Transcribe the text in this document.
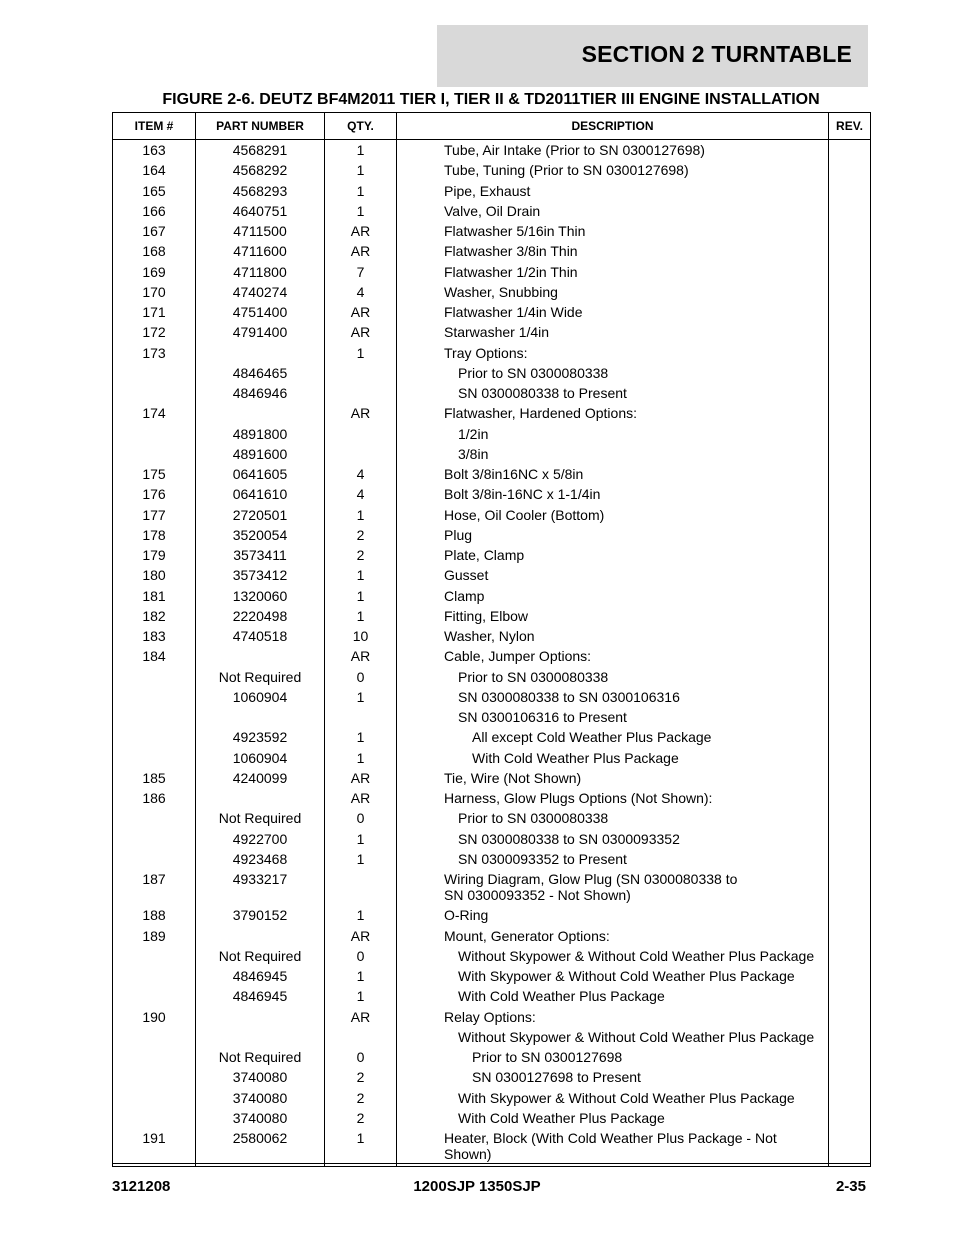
SECTION 2 TURNTABLE
FIGURE 2-6. DEUTZ BF4M2011 TIER I, TIER II & TD2011TIER III ENGINE INSTALLATION
ITEM #	PART NUMBER	QTY.	DESCRIPTION	REV.
163	4568291	1	Tube, Air Intake (Prior to SN 0300127698)	
164	4568292	1	Tube, Tuning (Prior to SN 0300127698)	
165	4568293	1	Pipe, Exhaust	
166	4640751	1	Valve, Oil Drain	
167	4711500	AR	Flatwasher 5/16in Thin	
168	4711600	AR	Flatwasher 3/8in Thin	
169	4711800	7	Flatwasher 1/2in Thin	
170	4740274	4	Washer, Snubbing	
171	4751400	AR	Flatwasher 1/4in Wide	
172	4791400	AR	Starwasher 1/4in	
173		1	Tray Options:	
	4846465		Prior to SN 0300080338	
	4846946		SN 0300080338 to Present	
174		AR	Flatwasher, Hardened Options:	
	4891800		1/2in	
	4891600		3/8in	
175	0641605	4	Bolt 3/8in16NC x 5/8in	
176	0641610	4	Bolt 3/8in-16NC x 1-1/4in	
177	2720501	1	Hose, Oil Cooler (Bottom)	
178	3520054	2	Plug	
179	3573411	2	Plate, Clamp	
180	3573412	1	Gusset	
181	1320060	1	Clamp	
182	2220498	1	Fitting, Elbow	
183	4740518	10	Washer, Nylon	
184		AR	Cable, Jumper Options:	
	Not Required	0	Prior to SN 0300080338	
	1060904	1	SN 0300080338 to SN 0300106316	
			SN 0300106316 to Present	
	4923592	1	All except Cold Weather Plus Package	
	1060904	1	With Cold Weather Plus Package	
185	4240099	AR	Tie, Wire (Not Shown)	
186		AR	Harness, Glow Plugs Options (Not Shown):	
	Not Required	0	Prior to SN 0300080338	
	4922700	1	SN 0300080338 to SN 0300093352	
	4923468	1	SN 0300093352 to Present	
187	4933217		Wiring Diagram, Glow Plug (SN 0300080338 to
SN 0300093352 - Not Shown)	
188	3790152	1	O-Ring	
189		AR	Mount, Generator Options:	
	Not Required	0	Without Skypower & Without Cold Weather Plus Package	
	4846945	1	With Skypower & Without Cold Weather Plus Package	
	4846945	1	With Cold Weather Plus Package	
190		AR	Relay Options:	
			Without Skypower & Without Cold Weather Plus Package	
	Not Required	0	Prior to SN 0300127698	
	3740080	2	SN 0300127698 to Present	
	3740080	2	With Skypower & Without Cold Weather Plus Package	
	3740080	2	With Cold Weather Plus Package	
191	2580062	1	Heater, Block (With Cold Weather Plus Package - Not Shown)	
3121208	1200SJP 1350SJP	2-35
